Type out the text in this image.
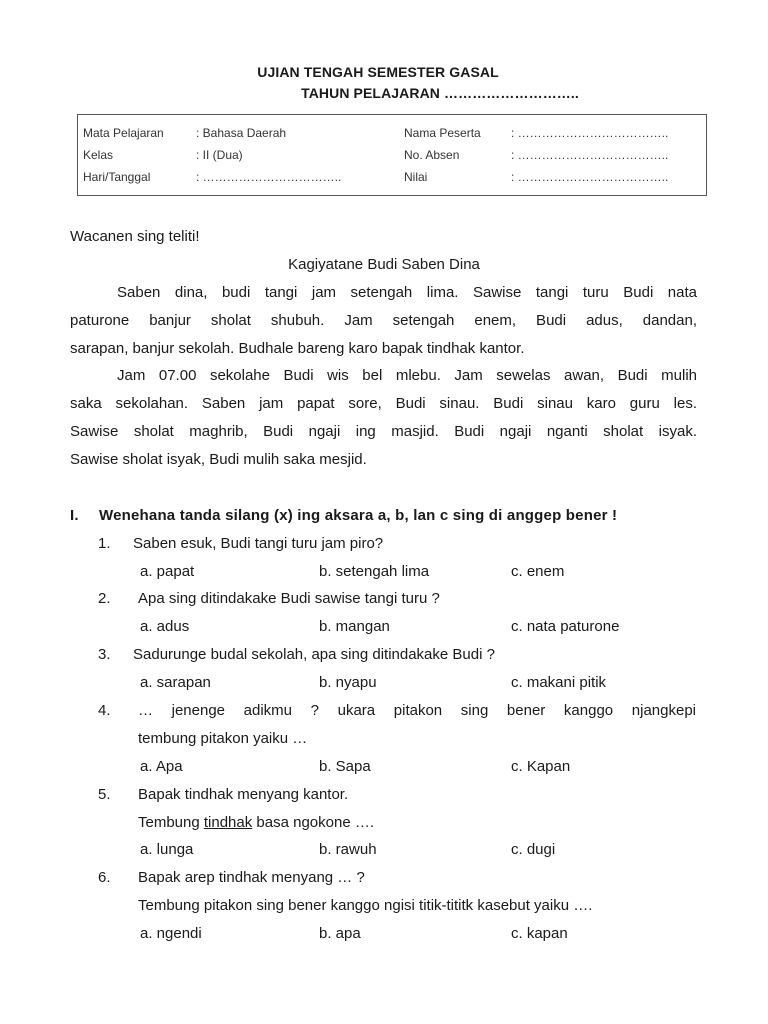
UJIAN TENGAH SEMESTER GASAL
TAHUN PELAJARAN ………………………..
Mata Pelajaran	: Bahasa Daerah	Nama Peserta	: ………………………………..
Kelas	: II (Dua)	No. Absen	: ………………………………..
Hari/Tanggal	: ……………………………..	Nilai	: ………………………………..
Wacanen sing teliti!
Kagiyatane Budi Saben Dina
Saben dina, budi tangi jam setengah lima. Sawise tangi turu Budi nata
paturone banjur sholat shubuh. Jam setengah enem, Budi adus, dandan,
sarapan, banjur sekolah. Budhale bareng karo bapak tindhak kantor.
Jam 07.00 sekolahe Budi wis bel mlebu. Jam sewelas awan, Budi mulih
saka sekolahan. Saben jam papat sore, Budi sinau. Budi sinau karo guru les.
Sawise sholat maghrib, Budi ngaji ing masjid. Budi ngaji nganti sholat isyak.
Sawise sholat isyak, Budi mulih saka mesjid.
I. Wenehana tanda silang (x) ing aksara a, b, lan c sing di anggep bener !
1. Saben esuk, Budi tangi turu jam piro?
a. papat	b. setengah lima	c. enem
2. Apa sing ditindakake Budi sawise tangi turu ?
a. adus	b. mangan	c. nata paturone
3. Sadurunge budal sekolah, apa sing ditindakake Budi ?
a. sarapan	b. nyapu	c. makani pitik
4. … jenenge adikmu ? ukara pitakon sing bener kanggo njangkepi
tembung pitakon yaiku …
a. Apa	b. Sapa	c. Kapan
5. Bapak tindhak menyang kantor.
Tembung tindhak basa ngokone ….
a. lunga	b. rawuh	c. dugi
6. Bapak arep tindhak menyang … ?
Tembung pitakon sing bener kanggo ngisi titik-tititk kasebut yaiku ….
a. ngendi	b. apa	c. kapan
